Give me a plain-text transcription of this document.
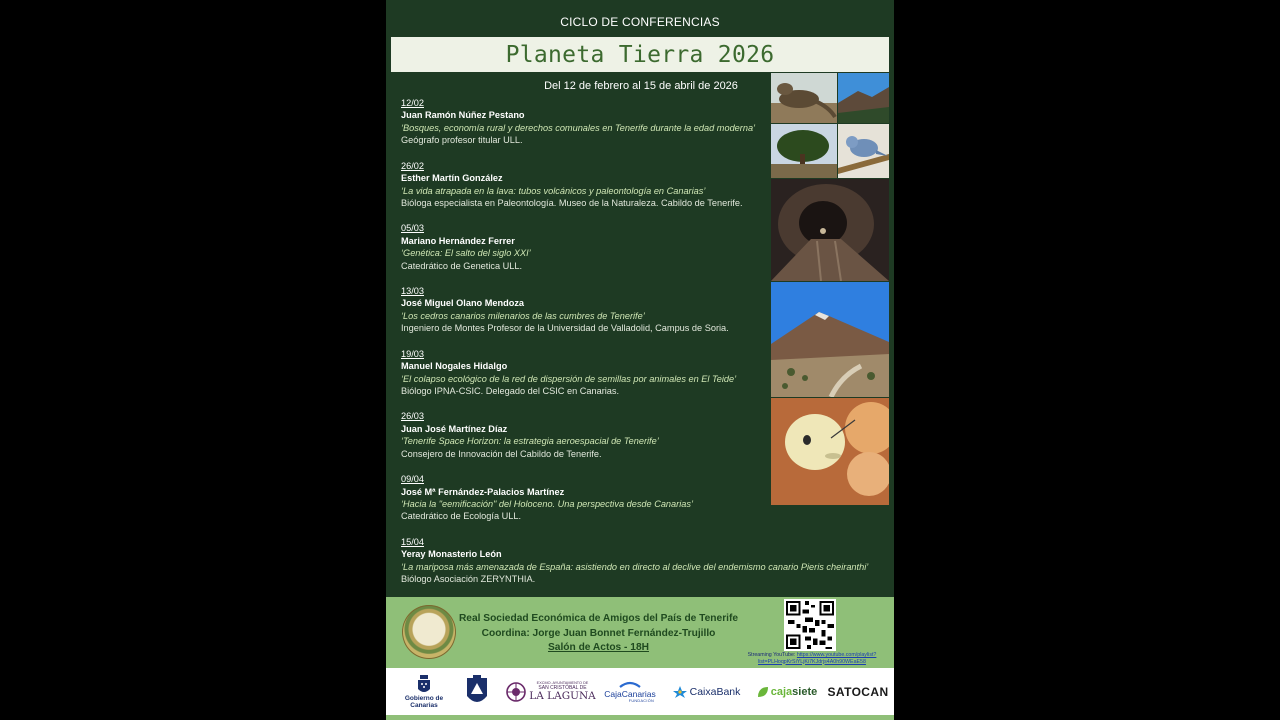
CICLO DE CONFERENCIAS
Planeta Tierra 2026
Del 12 de febrero al 15 de abril de 2026
12/02
Juan Ramón Núñez Pestano
‘Bosques, economía rural y derechos comunales en Tenerife durante la edad moderna’
Geógrafo profesor titular ULL.
26/02
Esther Martín González
‘La vida atrapada en la lava: tubos volcánicos y paleontología en Canarias’
Bióloga especialista en Paleontología. Museo de la Naturaleza. Cabildo de Tenerife.
05/03
Mariano Hernández Ferrer
‘Genética: El salto del siglo XXI’
Catedrático de Genetica ULL.
13/03
José Miguel Olano Mendoza
‘Los cedros canarios milenarios de las cumbres de Tenerife’
Ingeniero de Montes Profesor de la Universidad de Valladolid, Campus de Soria.
19/03
Manuel Nogales Hidalgo
‘El colapso ecológico de la red de dispersión de semillas por animales en El Teide’
Biólogo IPNA-CSIC. Delegado del CSIC en Canarias.
26/03
Juan José Martínez Díaz
‘Tenerife Space Horizon: la estrategia aeroespacial de Tenerife’
Consejero de Innovación del Cabildo de Tenerife.
09/04
José Mª Fernández-Palacios Martínez
‘Hacia la "eemificación" del Holoceno. Una perspectiva desde Canarias’
Catedrático de Ecología ULL.
15/04
Yeray Monasterio León
‘La mariposa más amenazada de España: asistiendo en directo al declive del endemismo canario Pieris cheiranthi’
Biólogo Asociación ZERYNTHIA.
Real Sociedad Económica de Amigos del País de Tenerife
Coordina: Jorge Juan Bonnet Fernández-Trujillo
Salón de Actos - 18H
Streaming YouTube: https://www.youtube.com/playlist?
list=PLHoqpKrSiYLjKi7KJdrjs4A0h90WEaE58
Gobierno de Canarias
EXCMO. AYUNTAMIENTO DE
SAN CRISTÓBAL DE
LA LAGUNA CajaCanarias
FUNDACIÓN
CaixaBank	cajasiete SATOCAN
